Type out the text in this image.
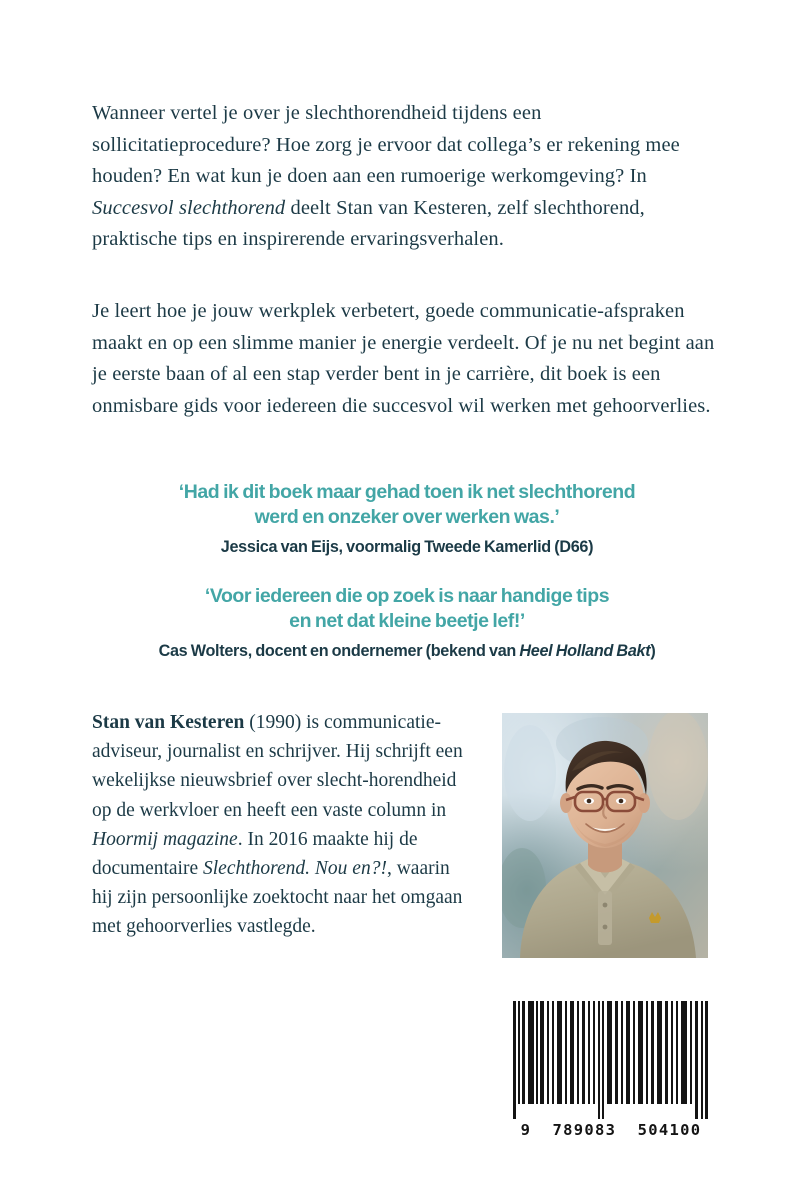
Wanneer vertel je over je slechthorendheid tijdens een sollicitatieprocedure? Hoe zorg je ervoor dat collega’s er rekening mee houden? En wat kun je doen aan een rumoerige werkomgeving? In Succesvol slechthorend deelt Stan van Kesteren, zelf slechthorend, praktische tips en inspirerende ervaringsverhalen.
Je leert hoe je jouw werkplek verbetert, goede communicatie-afspraken maakt en op een slimme manier je energie verdeelt. Of je nu net begint aan je eerste baan of al een stap verder bent in je carrière, dit boek is een onmisbare gids voor iedereen die succesvol wil werken met gehoorverlies.
‘Had ik dit boek maar gehad toen ik net slechthorend
werd en onzeker over werken was.’
Jessica van Eijs, voormalig Tweede Kamerlid (D66)
‘Voor iedereen die op zoek is naar handige tips
en net dat kleine beetje lef!’
Cas Wolters, docent en ondernemer (bekend van Heel Holland Bakt)
Stan van Kesteren (1990) is communicatie-adviseur, journalist en schrijver. Hij schrijft een wekelijkse nieuwsbrief over slecht-horendheid op de werkvloer en heeft een vaste column in Hoormij magazine. In 2016 maakte hij de documentaire Slechthorend. Nou en?!, waarin hij zijn persoonlijke zoektocht naar het omgaan met gehoorverlies vastlegde.
9  789083  504100
